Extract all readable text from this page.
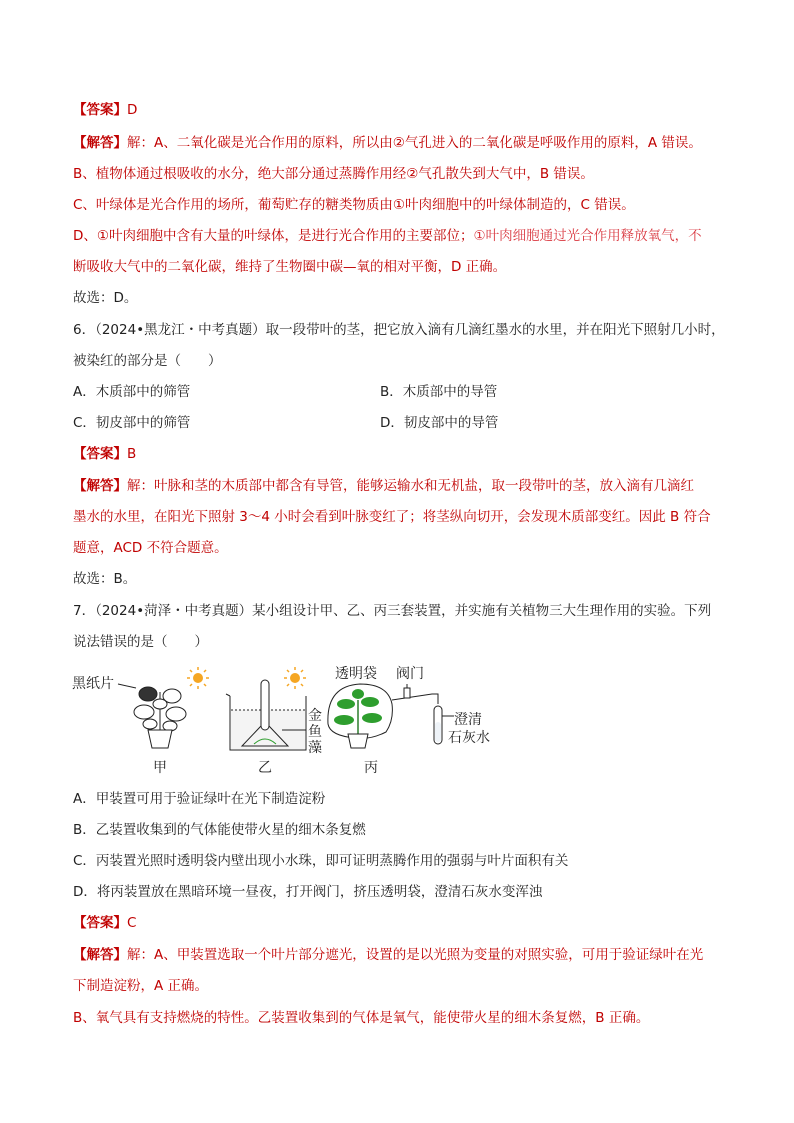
【答案】D
【解答】解：A、二氧化碳是光合作用的原料，所以由②气孔进入的二氧化碳是呼吸作用的原料，A 错误。
B、植物体通过根吸收的水分，绝大部分通过蒸腾作用经②气孔散失到大气中，B 错误。
C、叶绿体是光合作用的场所，葡萄贮存的糖类物质由①叶肉细胞中的叶绿体制造的，C 错误。
D、①叶肉细胞中含有大量的叶绿体，是进行光合作用的主要部位；①叶肉细胞通过光合作用释放氧气，不
断吸收大气中的二氧化碳，维持了生物圈中碳—氧的相对平衡，D 正确。
故选：D。
6．（2024•黑龙江・中考真题）取一段带叶的茎，把它放入滴有几滴红墨水的水里，并在阳光下照射几小时，
被染红的部分是（　　）
A．木质部中的筛管	B．木质部中的导管
C．韧皮部中的筛管	D．韧皮部中的导管
【答案】B
【解答】解：叶脉和茎的木质部中都含有导管，能够运输水和无机盐，取一段带叶的茎，放入滴有几滴红
墨水的水里，在阳光下照射 3～4 小时会看到叶脉变红了；将茎纵向切开，会发现木质部变红。因此 B 符合
题意，ACD 不符合题意。
故选：B。
7．（2024•菏泽・中考真题）某小组设计甲、乙、丙三套装置，并实施有关植物三大生理作用的实验。下列
说法错误的是（　　）
黑纸片
甲
金
鱼
藻
乙
透明袋 阀门
澄清
石灰水
丙
A．甲装置可用于验证绿叶在光下制造淀粉
B．乙装置收集到的气体能使带火星的细木条复燃
C．丙装置光照时透明袋内壁出现小水珠，即可证明蒸腾作用的强弱与叶片面积有关
D．将丙装置放在黑暗环境一昼夜，打开阀门，挤压透明袋，澄清石灰水变浑浊
【答案】C
【解答】解：A、甲装置选取一个叶片部分遮光，设置的是以光照为变量的对照实验，可用于验证绿叶在光
下制造淀粉，A 正确。
B、氧气具有支持燃烧的特性。乙装置收集到的气体是氧气，能使带火星的细木条复燃，B 正确。
